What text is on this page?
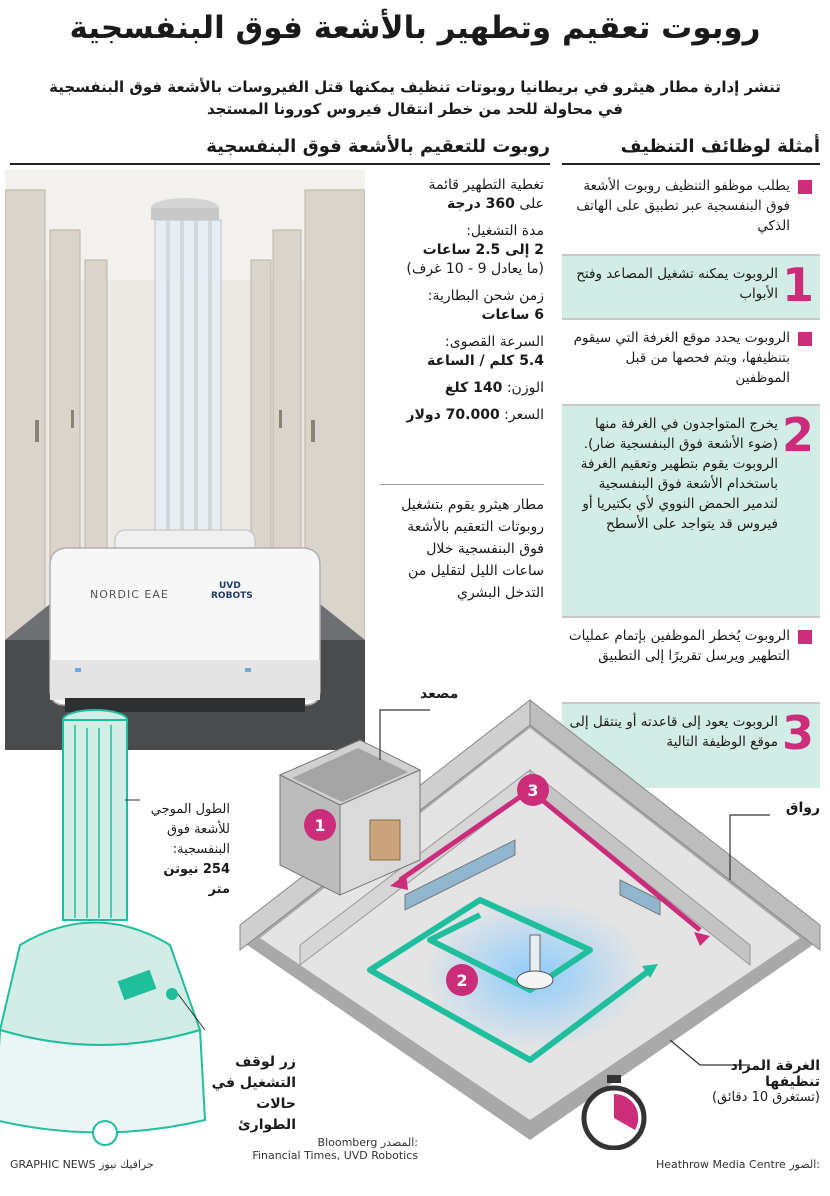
روبوت تعقيم وتطهير بالأشعة فوق البنفسجية
تنشر إدارة مطار هيثرو في بريطانيا روبوتات تنظيف يمكنها قتل الفيروسات بالأشعة فوق البنفسجية
في محاولة للحد من خطر انتقال فيروس كورونا المستجد
روبوت للتعقيم بالأشعة فوق البنفسجية	أمثلة لوظائف التنظيف
NORDIC EAE
UVD
ROBOTS
تغطية التطهير قائمة
على 360 درجة
مدة التشغيل:
2 إلى 2.5 ساعات
(ما يعادل 9 - 10 غرف)
زمن شحن البطارية:
6 ساعات
السرعة القصوى:
5.4 كلم / الساعة
الوزن: 140 كلغ
السعر: 70.000 دولار
مطار هيثرو يقوم بتشغيل روبوتات التعقيم بالأشعة فوق البنفسجية خلال ساعات الليل لتقليل من التدخل البشري
يطلب موظفو التنظيف روبوت الأشعة فوق البنفسجية عبر تطبيق على الهاتف الذكي
1
الروبوت يمكنه تشغيل المصاعد وفتح الأبواب
الروبوت يحدد موقع الغرفة التي سيقوم بتنظيفها، ويتم فحصها من قبل الموظفين
2
يخرج المتواجدون في الغرفة منها (ضوء الأشعة فوق البنفسجية ضار). الروبوت يقوم بتطهير وتعقيم الغرفة باستخدام الأشعة فوق البنفسجية لتدمير الحمض النووي لأي بكتيريا أو فيروس قد يتواجد على الأسطح
الروبوت يُخطر الموظفين بإتمام عمليات التطهير ويرسل تقريرًا إلى التطبيق
3
الروبوت يعود إلى قاعدته أو ينتقل إلى موقع الوظيفة التالية
1
2
3
مصعد
رواق
الغرفة المراد
تنظيفها
(تستغرق 10 دقائق)
الطول الموجي
للأشعة فوق
البنفسجية:
254 نيوتن متر
زر لوقف
التشغيل في
حالات الطوارئ
Bloomberg المصدر:
Financial Times, UVD Robotics
Heathrow Media Centre الصور:
GRAPHIC NEWS جرافيك نيوز
